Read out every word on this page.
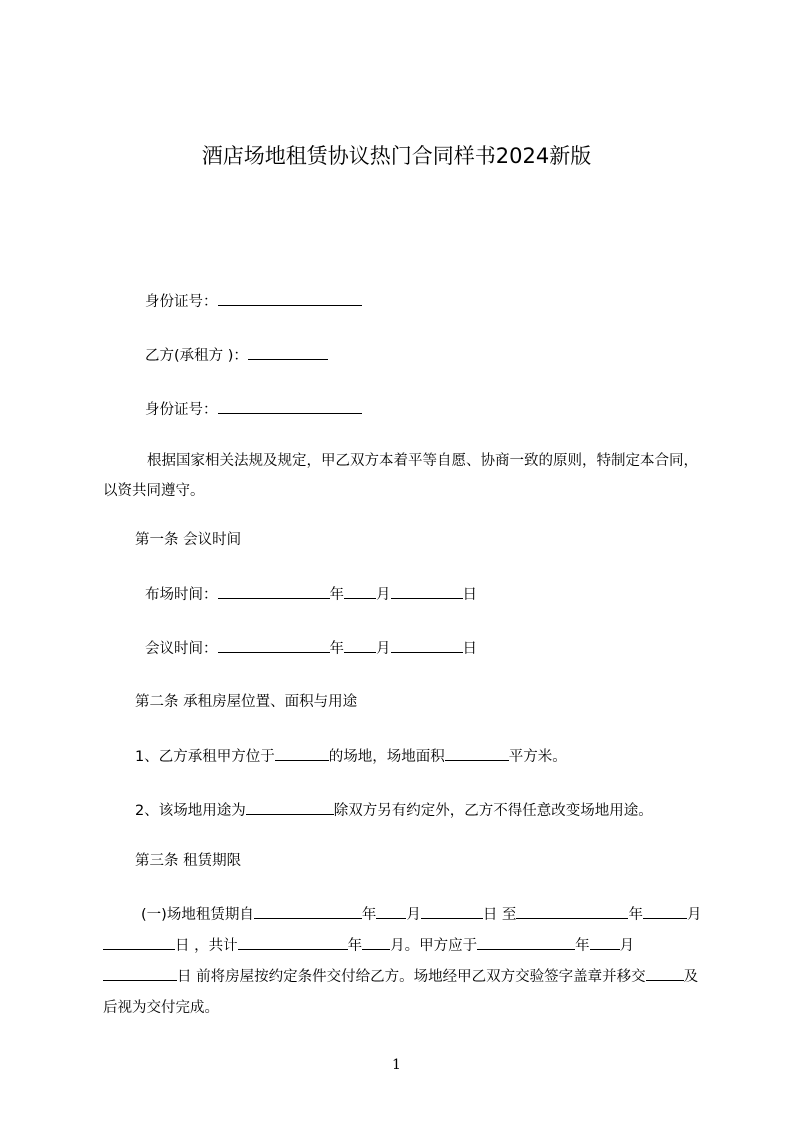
酒店场地租赁协议热门合同样书2024新版
身份证号：
乙方(承租方 )：
身份证号：
根据国家相关法规及规定，甲乙双方本着平等自愿、协商一致的原则，特制定本合同，以资共同遵守。
第一条 会议时间
布场时间：	年 月	日
会议时间：	年 月	日
第二条 承租房屋位置、面积与用途
1、乙方承租甲方位于	的场地，场地面积	平方米。
2、该场地用途为	除双方另有约定外，乙方不得任意改变场地用途。
第三条 租赁期限
(一)场地租赁期自	年 月	日 至	年	月日 ，共计	年 月。甲方应于	年 月日 前将房屋按约定条件交付给乙方。场地经甲乙双方交验签字盖章并移交	及后视为交付完成。
1
